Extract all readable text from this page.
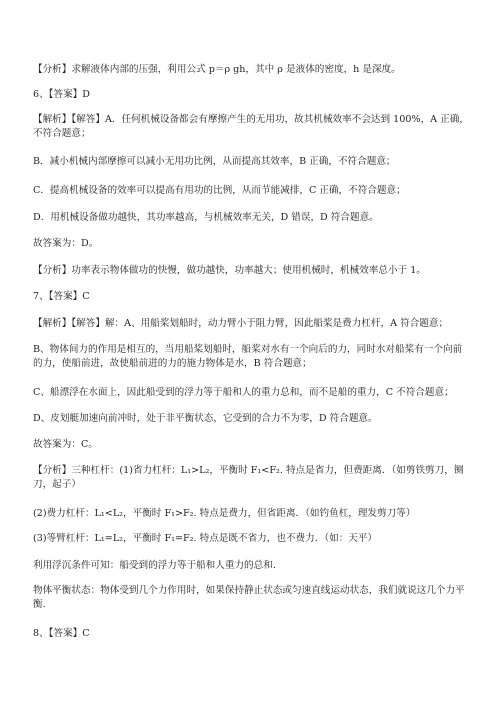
【分析】求解液体内部的压强，利用公式 p＝ρ gh，其中 ρ 是液体的密度，h 是深度。
6、【答案】D
【解析】【解答】A．任何机械设备都会有摩擦产生的无用功，故其机械效率不会达到 100%，A 正确，不符合题意；
B．减小机械内部摩擦可以减小无用功比例，从而提高其效率，B 正确，不符合题意；
C．提高机械设备的效率可以提高有用功的比例，从而节能减排，C 正确，不符合题意；
D．用机械设备做功越快，其功率越高，与机械效率无关，D 错误，D 符合题意。
故答案为：D。
【分析】功率表示物体做功的快慢，做功越快，功率越大；使用机械时，机械效率总小于 1。
7、【答案】C
【解析】【解答】解：A、用船桨划船时，动力臂小于阻力臂，因此船桨是费力杠杆，A 符合题意；
B、物体间力的作用是相互的，当用船桨划船时，船桨对水有一个向后的力，同时水对船桨有一个向前的力，使船前进，故使船前进的力的施力物体是水，B 符合题意；
C、船漂浮在水面上，因此船受到的浮力等于船和人的重力总和，而不是船的重力，C 不符合题意；
D、皮划艇加速向前冲时，处于非平衡状态，它受到的合力不为零，D 符合题意。
故答案为：C。
【分析】三种杠杆：(1)省力杠杆：L₁>L₂，平衡时 F₁<F₂. 特点是省力，但费距离．（如剪铁剪刀，铡刀，起子）
(2)费力杠杆：L₁<L₂，平衡时 F₁>F₂. 特点是费力，但省距离．（如钓鱼杠，理发剪刀等）
(3)等臂杠杆：L₁=L₂，平衡时 F₁=F₂. 特点是既不省力，也不费力．（如：天平）
利用浮沉条件可知：船受到的浮力等于船和人重力的总和.
物体平衡状态：物体受到几个力作用时，如果保持静止状态或匀速直线运动状态，我们就说这几个力平衡.
8、【答案】C
